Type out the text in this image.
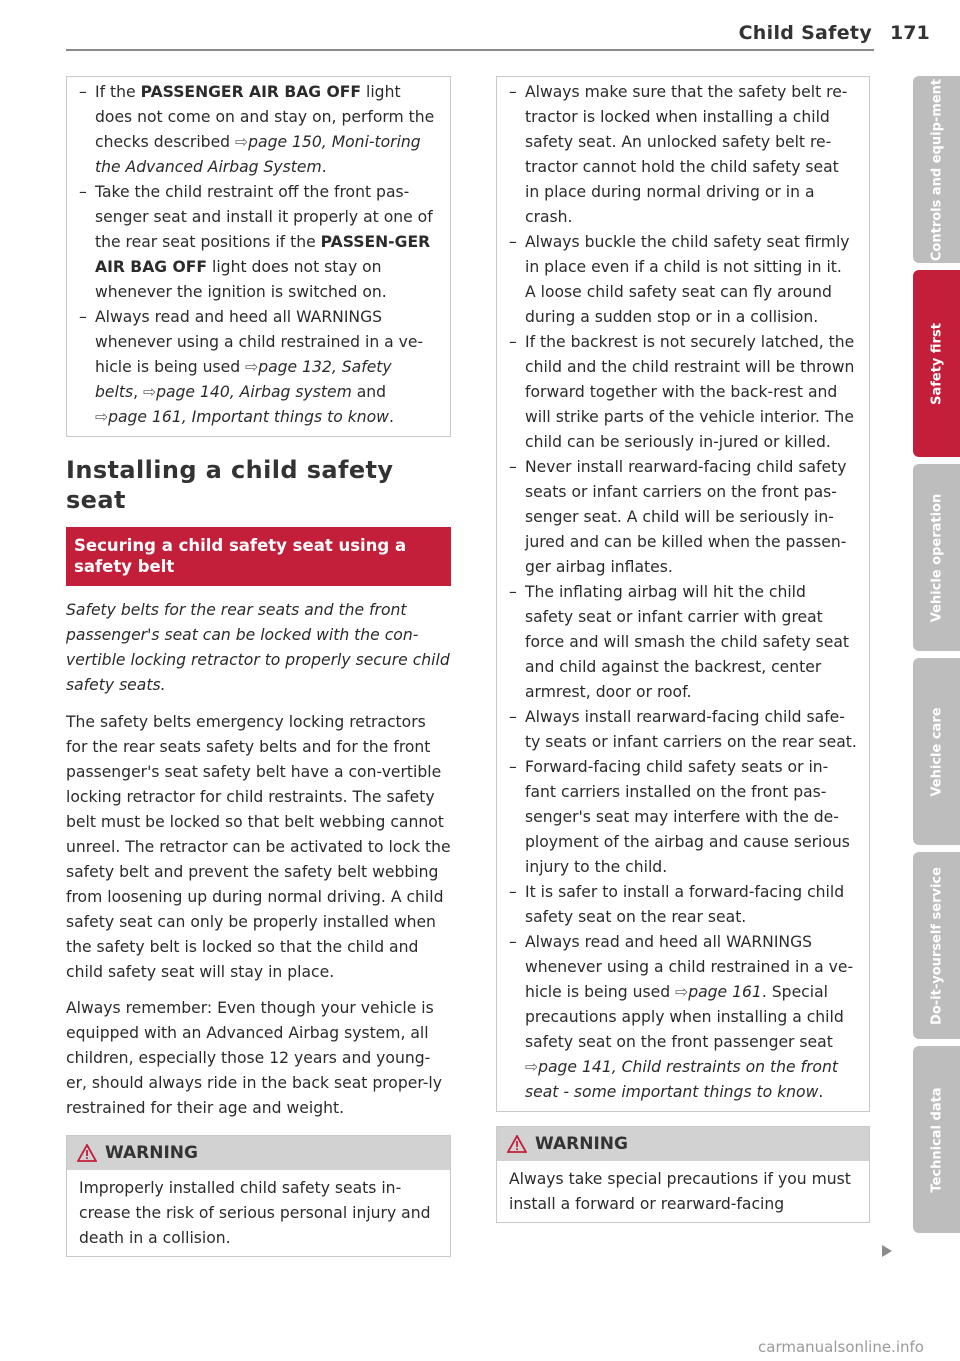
Child Safety 171
– If the PASSENGER AIR BAG OFF light does not come on and stay on, perform the checks described ⇨page 150, Moni-toring the Advanced Airbag System.
– Take the child restraint off the front pas-senger seat and install it properly at one of the rear seat positions if the PASSEN-GER AIR BAG OFF light does not stay on whenever the ignition is switched on.
– Always read and heed all WARNINGS whenever using a child restrained in a ve-hicle is being used ⇨page 132, Safety belts, ⇨page 140, Airbag system and ⇨page 161, Important things to know.
Installing a child safety seat
Securing a child safety seat using a safety belt

Safety belts for the rear seats and the front passenger's seat can be locked with the con-vertible locking retractor to properly secure child safety seats.

The safety belts emergency locking retractors for the rear seats safety belts and for the front passenger's seat safety belt have a con-vertible locking retractor for child restraints. The safety belt must be locked so that belt webbing cannot unreel. The retractor can be activated to lock the safety belt and prevent the safety belt webbing from loosening up during normal driving. A child safety seat can only be properly installed when the safety belt is locked so that the child and child safety seat will stay in place.

Always remember: Even though your vehicle is equipped with an Advanced Airbag system, all children, especially those 12 years and young-er, should always ride in the back seat proper-ly restrained for their age and weight.

WARNING
Improperly installed child safety seats in-crease the risk of serious personal injury and death in a collision.
– Always make sure that the safety belt re-tractor is locked when installing a child safety seat. An unlocked safety belt re-tractor cannot hold the child safety seat in place during normal driving or in a crash.
– Always buckle the child safety seat firmly in place even if a child is not sitting in it. A loose child safety seat can fly around during a sudden stop or in a collision.
– If the backrest is not securely latched, the child and the child restraint will be thrown forward together with the back-rest and will strike parts of the vehicle interior. The child can be seriously in-jured or killed.
– Never install rearward-facing child safety seats or infant carriers on the front pas-senger seat. A child will be seriously in-jured and can be killed when the passen-ger airbag inflates.
– The inflating airbag will hit the child safety seat or infant carrier with great force and will smash the child safety seat and child against the backrest, center armrest, door or roof.
– Always install rearward-facing child safe-ty seats or infant carriers on the rear seat.
– Forward-facing child safety seats or in-fant carriers installed on the front pas-senger's seat may interfere with the de-ployment of the airbag and cause serious injury to the child.
– It is safer to install a forward-facing child safety seat on the rear seat.
– Always read and heed all WARNINGS whenever using a child restrained in a ve-hicle is being used ⇨page 161. Special precautions apply when installing a child safety seat on the front passenger seat ⇨page 141, Child restraints on the front seat - some important things to know.
WARNING
Always take special precautions if you must install a forward or rearward-facing
Controls and equip-ment
Safety first
Vehicle operation
Vehicle care
Do-it-yourself service
Technical data
carmanualsonline.info
